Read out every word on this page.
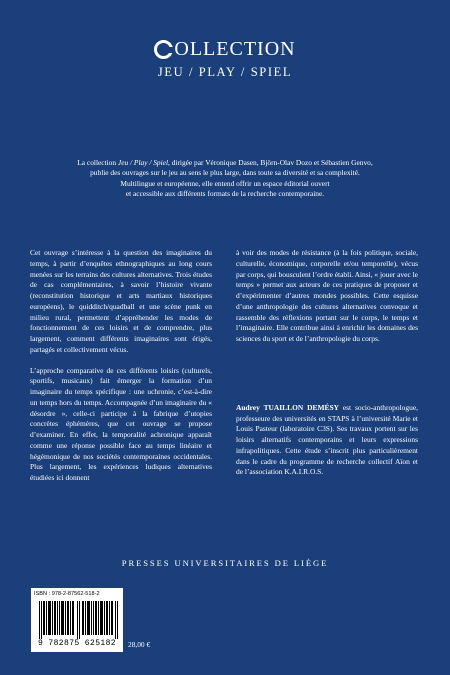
OLLECTION
JEU / PLAY / SPIEL

La collection Jeu / Play / Spiel, dirigée par Véronique Dasen, Björn-Olav Dozo et Sébastien Genvo,

publie des ouvrages sur le jeu au sens le plus large, dans toute sa diversité et sa complexité.

Multilingue et européenne, elle entend offrir un espace éditorial ouvert

et accessible aux différents formats de la recherche contemporaine.

Cet ouvrage s’intéresse à la question des imaginaires du temps, à partir d’enquêtes ethnographiques au long cours menées sur les terrains des cultures alternatives. Trois études de cas complémentaires, à savoir l’histoire vivante (reconstitution historique et arts martiaux historiques européens), le quidditch/quadball et une scène punk en milieu rural, permettent d’appréhender les modes de fonctionnement de ces loisirs et de comprendre, plus largement, comment différents imaginaires sont érigés, partagés et collectivement vécus.

L’approche comparative de ces différents loisirs (culturels, sportifs, musicaux) fait émerger la formation d’un imaginaire du temps spécifique : une uchronie, c’est-à-dire un temps hors du temps. Accompagnée d’un imaginaire du « désordre », celle-ci participe à la fabrique d’utopies concrètes éphémères, que cet ouvrage se propose d’examiner. En effet, la temporalité achronique apparaît comme une réponse possible face au temps linéaire et hégémonique de nos sociétés contemporaines occidentales. Plus largement, les expériences ludiques alternatives étudiées ici donnent

à voir des modes de résistance (à la fois politique, sociale, culturelle, économique, corporelle et/ou temporelle), vécus par corps, qui bousculent l’ordre établi. Ainsi, « jouer avec le temps » permet aux acteurs de ces pratiques de proposer et d’expérimenter d’autres mondes possibles. Cette esquisse d’une anthropologie des cultures alternatives convoque et rassemble des réflexions portant sur le corps, le temps et l’imaginaire. Elle contribue ainsi à enrichir les domaines des sciences du sport et de l’anthropologie du corps.

Audrey TUAILLON DEMÉSY est socio-anthropologue, professeure des universités en STAPS à l’université Marie et Louis Pasteur (laboratoire C3S). Ses travaux portent sur les loisirs alternatifs contemporains et leurs expressions infrapolitiques. Cette étude s’inscrit plus particulièrement dans le cadre du programme de recherche collectif Aïon et de l’association K.A.I.R.O.S.

PRESSES UNIVERSITAIRES DE LIÈGE
ISBN : 978-2-87562-518-2
9 782875 625182	28,00 €
